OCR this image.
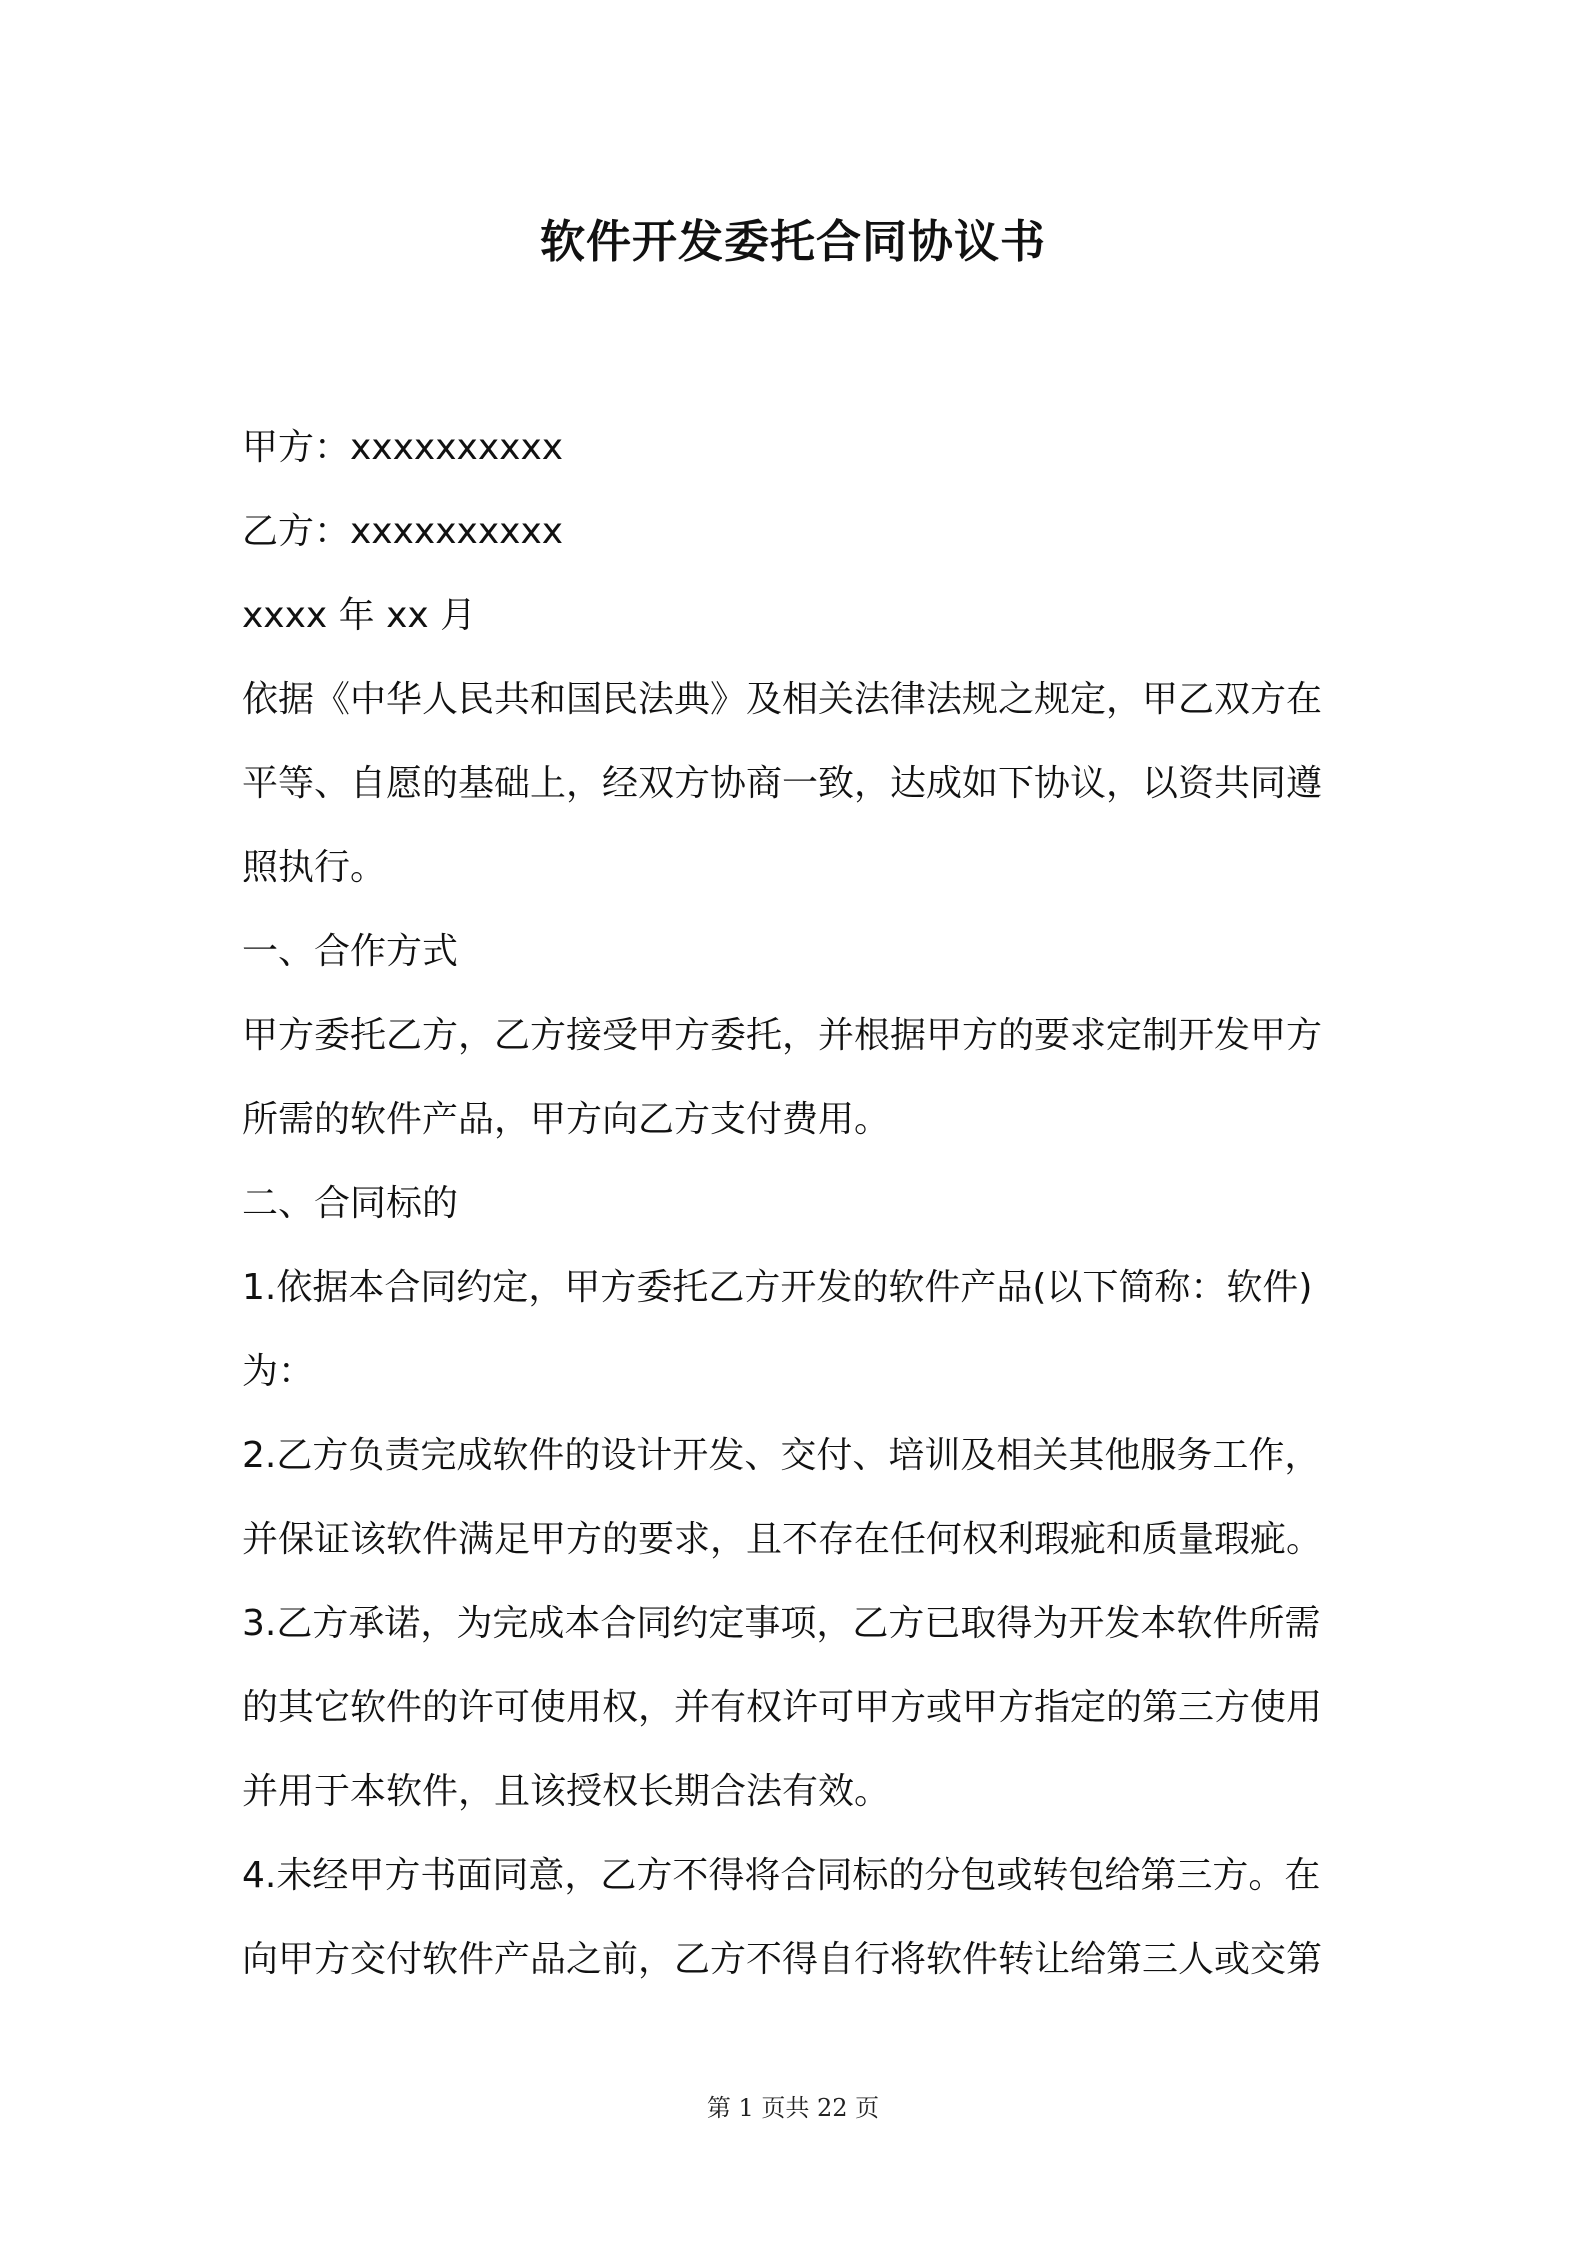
软件开发委托合同协议书

甲方：xxxxxxxxxx

乙方：xxxxxxxxxx

xxxx 年 xx 月

依据《中华人民共和国民法典》及相关法律法规之规定，甲乙双方在平等、自愿的基础上，经双方协商一致，达成如下协议，以资共同遵照执行。

一、合作方式

甲方委托乙方，乙方接受甲方委托，并根据甲方的要求定制开发甲方所需的软件产品，甲方向乙方支付费用。

二、合同标的

1.依据本合同约定，甲方委托乙方开发的软件产品(以下简称：软件)为：

2.乙方负责完成软件的设计开发、交付、培训及相关其他服务工作，并保证该软件满足甲方的要求，且不存在任何权利瑕疵和质量瑕疵。

3.乙方承诺，为完成本合同约定事项，乙方已取得为开发本软件所需的其它软件的许可使用权，并有权许可甲方或甲方指定的第三方使用并用于本软件，且该授权长期合法有效。

4.未经甲方书面同意，乙方不得将合同标的分包或转包给第三方。在向甲方交付软件产品之前，乙方不得自行将软件转让给第三人或交第

第 1 页共 22 页
